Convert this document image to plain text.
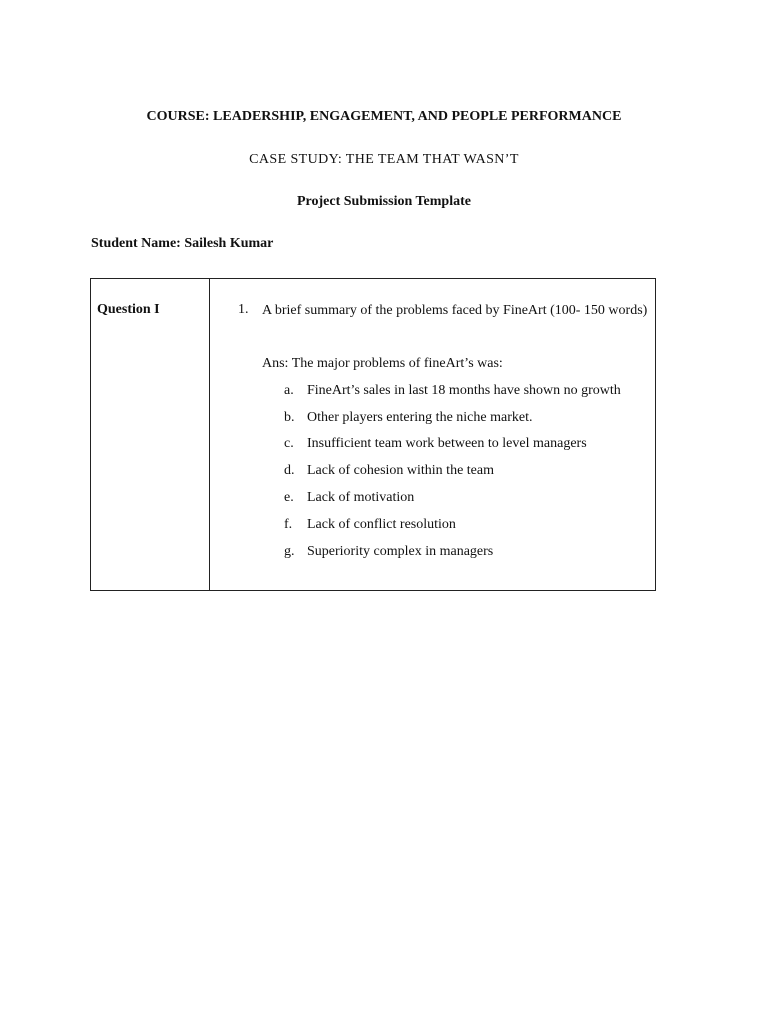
COURSE: LEADERSHIP, ENGAGEMENT, AND PEOPLE PERFORMANCE
CASE STUDY: THE TEAM THAT WASN’T
Project Submission Template
Student Name: Sailesh Kumar
Question I	1. A brief summary of the problems faced by FineArt (100- 150 words)
Ans: The major problems of fineArt’s was:
a. FineArt’s sales in last 18 months have shown no growth
b. Other players entering the niche market.
c. Insufficient team work between to level managers
d. Lack of cohesion within the team
e. Lack of motivation
f. Lack of conflict resolution
g. Superiority complex in managers
